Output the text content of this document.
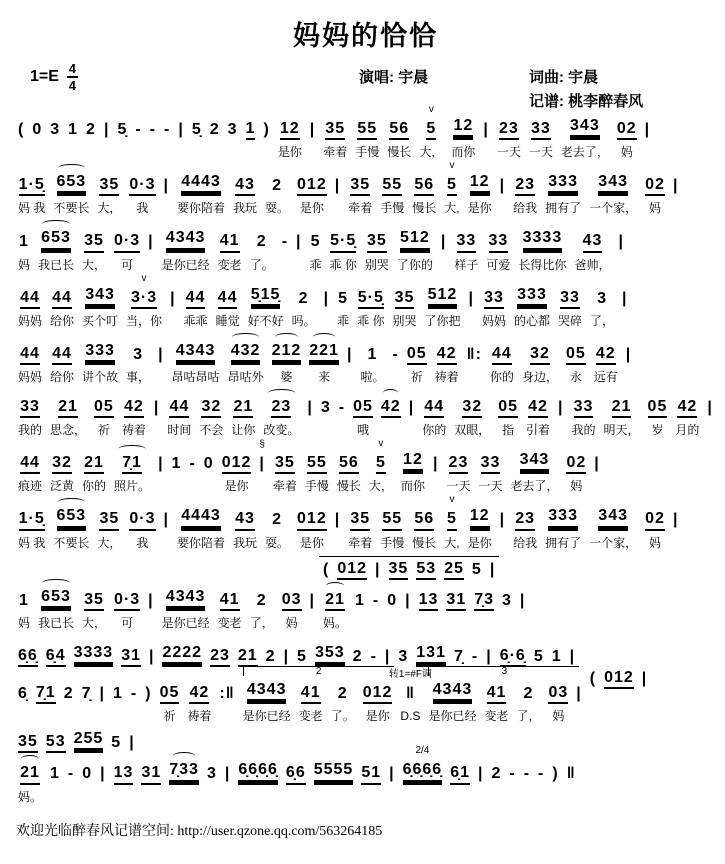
妈妈的恰恰
$1=E \frac{4}{4}$	演唱: 宇晨	词曲: 宇晨
记谱: 桃李醉春风
( 0 3 1 2 | 5̣ - - - | 5̣ 2 3 1 ) 12
是你
| 35
牵着
55
手慢
56
慢长
v
5
大，
12
而你
| 23
一天
33
一天
343
老去了，
02
妈
|
1·5̣
妈 我
653
不要长
35
大，
0·3
我
| 4443
要你陪着
43
我玩
2
耍。
012
是你
| 35
牵着
55
手慢
56
慢长
v
5
大,
12
是你
| 23
给我
333
拥有了
343
一个家，
02
妈
|
1
妈
653
我已长
35
大，
0·3
可
| 4343
是你已经
41
变老
2
了。
- | 5
乖
5·5̣
乖 你
35
别哭
512
了你的
| 33
样子
33
可爱
3333
长得比你
43
爸帅，
|
44
妈妈
44
给你
343
买个叮
v
3·3
当，你
| 44
乖乖
44
睡觉
5̣15̣
好不好
2
吗。
| 5
乖
5·5̣
乖 你
35
别哭
512
了你把
| 33
妈妈
333
的心都
33
哭碎
3
了，
|
44
妈妈
44
给你
333
讲个故
3
事，
| 4343
昂咕昂咕
432
昂咕外
212
婆
221
来
| 1
啦。
- 05
祈
42
祷着
‖: 44
你的
32
身边，
05
永
42
远有
|
33
我的
21
思念，
05
祈
42
祷着
| 44
时间
32
不会
21
让你
23
改变。
| 3 - 05
哦
42 | 44
你的
32
双眼，
05
指
42
引着
| 33
我的
21
明天，
05
岁
42
月的
|
44
痕迹
32
泛黄
21
你的
7̣1
照片。
| 1 - 0 012
是你
§
| 35
牵着
55
手慢
56
慢长
v
5
大，
12
而你
| 23
一天
33
一天
343
老去了，
02
妈
|
1·5̣
妈 我
653
不要长
35
大，
0·3
我
| 4443
要你陪着
43
我玩
2
耍。
012
是你
| 35
牵着
55
手慢
56
慢长
v
5
大,
12
是你
| 23
给我
333
拥有了
343
一个家，
02
妈
|
( 012 | 35 53 25 5 |
1
妈
653
我已长
35
大，
0·3
可
| 4343
是你已经
41
变老
2
了，
03
妈
| 21
妈。
1 - 0 | 13 31 7̣3 3 |
6̣6̣ 6̣4 3333 31 | 2222 23 21 2 | 5 353 2 - | 3 131 7̣ - | 6̣·6̣ 5 1 |
6̣ 7̣1 2 7̣ | 1 - ) 05
祈
42
祷着
:‖
2
4343
是你已经
41
变老
2
了。
012
是你
转1=#F调
‖
D.S
3
4343
是你已经
41
变老
2
了，
03
妈
|
( 012 |
35 53 255 5 |
21
妈。
1 - 0 | 13 31 7̣33 3 | 6̣6̣6̣6̣ 6̣6 5555 51 |
2/4
6̣6̣6̣6̣ 6̣1 | 2 - - - ) ‖
欢迎光临醉春风记谱空间: http://user.qzone.qq.com/563264185
